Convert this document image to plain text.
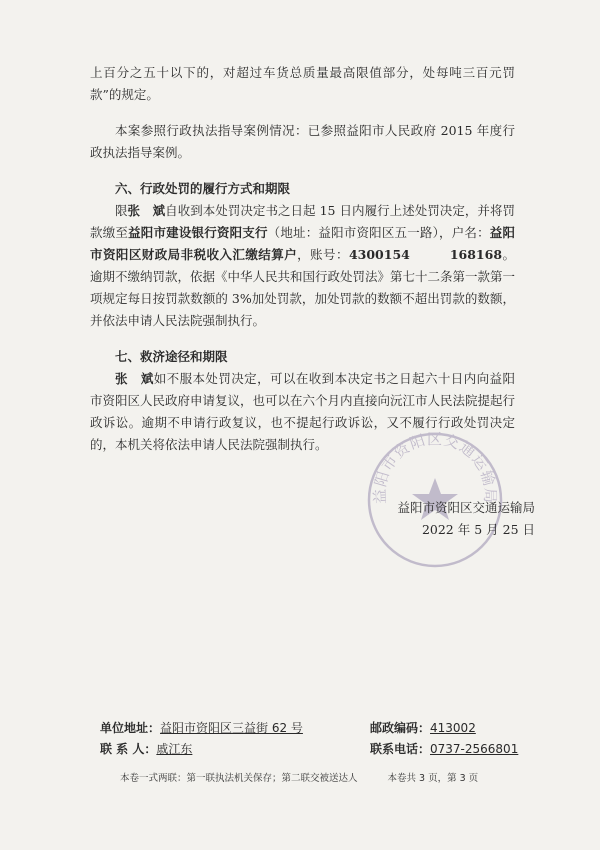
上百分之五十以下的，对超过车货总质量最高限值部分，处每吨三百元罚款”的规定。

本案参照行政执法指导案例情况：已参照益阳市人民政府 2015 年度行政执法指导案例。

六、行政处罚的履行方式和期限

限张　斌自收到本处罚决定书之日起 15 日内履行上述处罚决定，并将罚款缴至益阳市建设银行资阳支行（地址：益阳市资阳区五一路），户名：益阳市资阳区财政局非税收入汇缴结算户，账号：4300154	168168。逾期不缴纳罚款，依据《中华人民共和国行政处罚法》第七十二条第一款第一项规定每日按罚款数额的 3%加处罚款，加处罚款的数额不超出罚款的数额，并依法申请人民法院强制执行。

七、救济途径和期限

张　斌如不服本处罚决定，可以在收到本决定书之日起六十日内向益阳市资阳区人民政府申请复议，也可以在六个月内直接向沅江市人民法院提起行政诉讼。逾期不申请行政复议，也不提起行政诉讼，又不履行行政处罚决定的，本机关将依法申请人民法院强制执行。

益阳市资阳区交通运输局
益阳市资阳区交通运输局
2022 年 5 月 25 日
单位地址：益阳市资阳区三益街 62 号	邮政编码：413002
联 系 人：戚江东	联系电话：0737-2566801
本卷一式两联：第一联执法机关保存；第二联交被送达人	本卷共 3 页，第 3 页
